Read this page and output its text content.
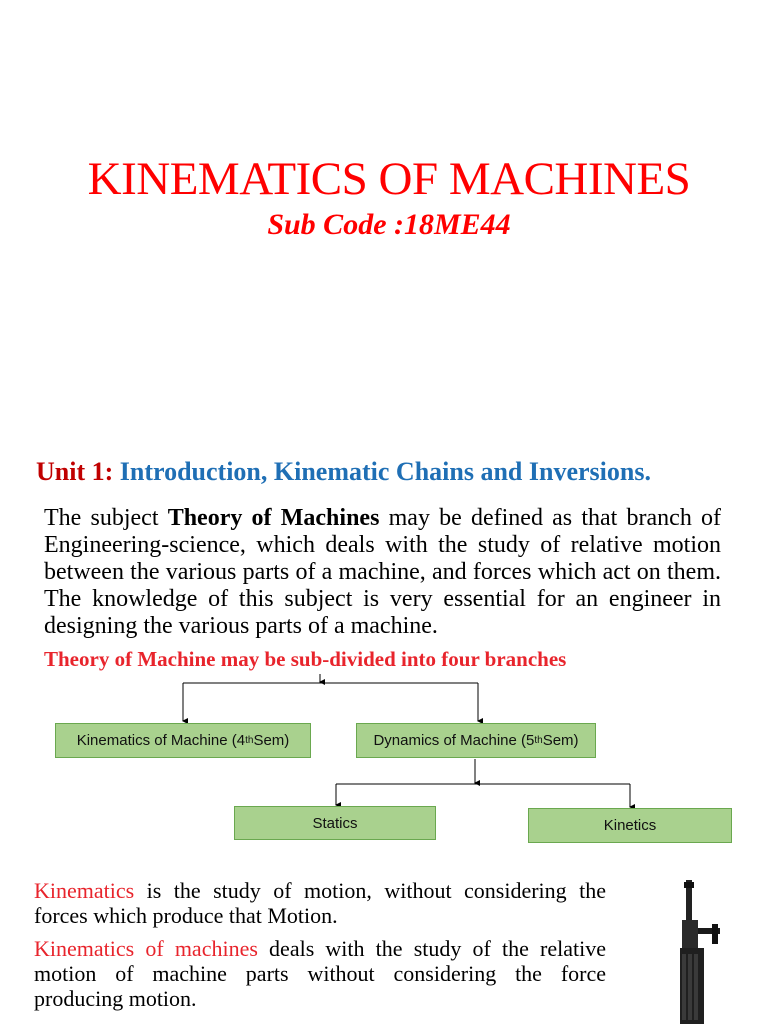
KINEMATICS OF MACHINES
Sub Code :18ME44
Unit 1: Introduction, Kinematic Chains and Inversions.
The subject Theory of Machines may be defined as that branch of Engineering-science, which deals with the study of relative motion between the various parts of a machine, and forces which act on them. The knowledge of this subject is very essential for an engineer in designing the various parts of a machine.
Theory of Machine may be sub-divided into four branches
Kinematics of Machine (4 th Sem)	Dynamics of Machine (5 th Sem)
Statics	Kinetics
Kinematics is the study of motion, without considering the forces which produce that Motion.
Kinematics of machines deals with the study of the relative motion of machine parts without considering the force producing motion.
